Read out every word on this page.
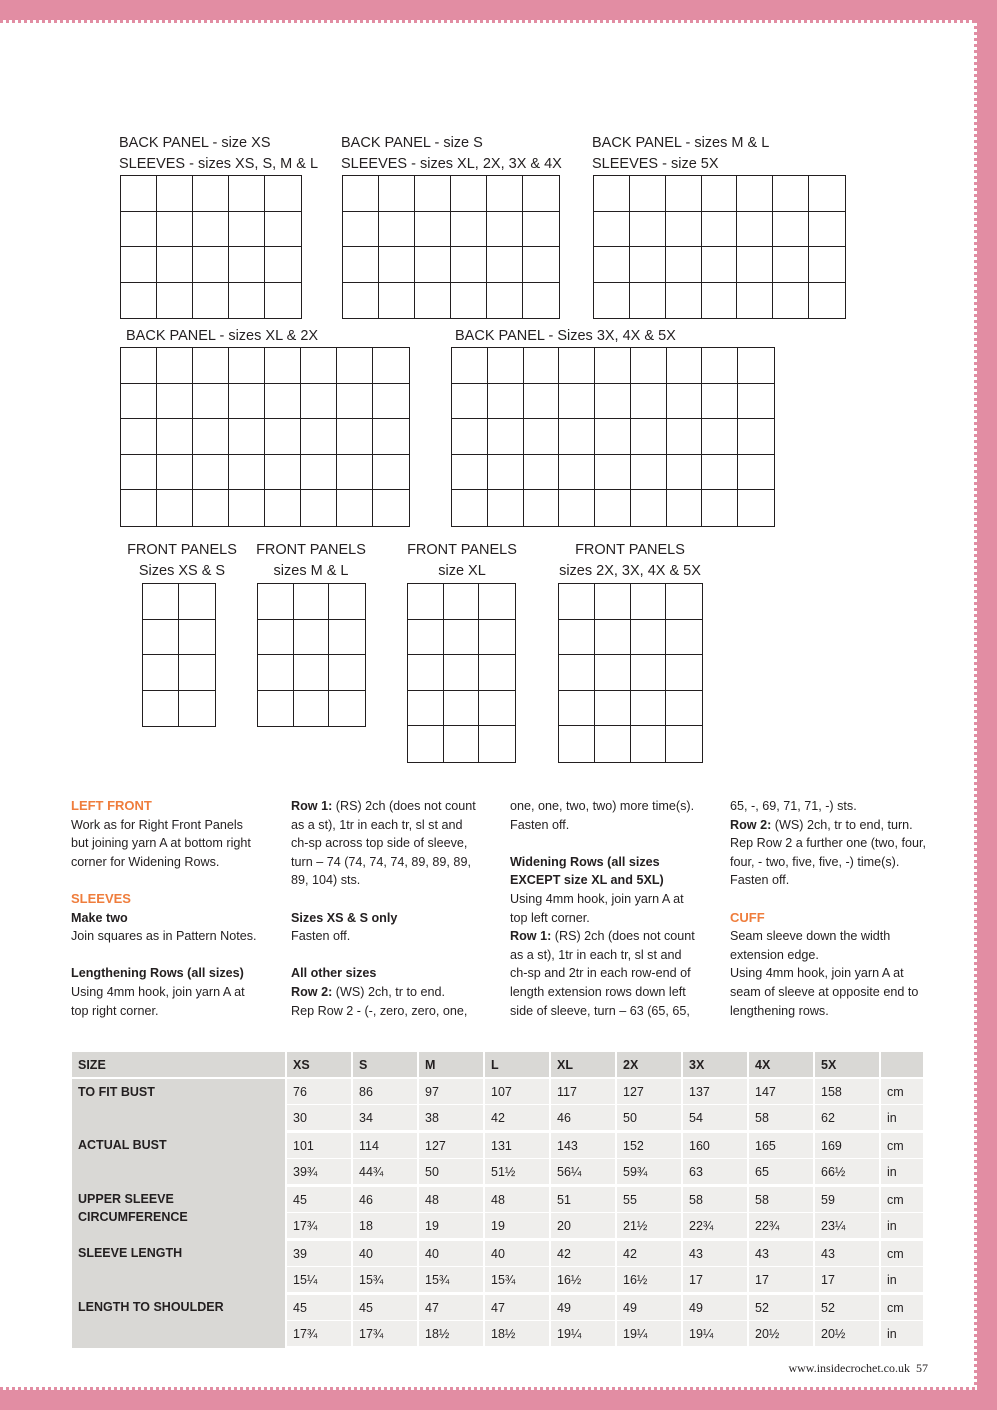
BACK PANEL - size XS
SLEEVES - sizes XS, S, M & L
BACK PANEL - size S
SLEEVES - sizes XL, 2X, 3X & 4X
BACK PANEL - sizes M & L
SLEEVES - size 5X
BACK PANEL - sizes XL & 2X	BACK PANEL - Sizes 3X, 4X & 5X
FRONT PANELS
Sizes XS & S
FRONT PANELS
sizes M & L
FRONT PANELS
size XL
FRONT PANELS
sizes 2X, 3X, 4X & 5X

LEFT FRONT

Work as for Right Front Panels

but joining yarn A at bottom right

corner for Widening Rows.

SLEEVES

Make two

Join squares as in Pattern Notes.

Lengthening Rows (all sizes)

Using 4mm hook, join yarn A at

top right corner.

Row 1: (RS) 2ch (does not count

as a st), 1tr in each tr, sl st and

ch-sp across top side of sleeve,

turn – 74 (74, 74, 74, 89, 89, 89,

89, 104) sts.

Sizes XS & S only

Fasten off.

All other sizes

Row 2: (WS) 2ch, tr to end.

Rep Row 2 - (-, zero, zero, one,

one, one, two, two) more time(s).

Fasten off.

Widening Rows (all sizes

EXCEPT size XL and 5XL)

Using 4mm hook, join yarn A at

top left corner.

Row 1: (RS) 2ch (does not count

as a st), 1tr in each tr, sl st and

ch-sp and 2tr in each row-end of

length extension rows down left

side of sleeve, turn – 63 (65, 65,

65, -, 69, 71, 71, -) sts.

Row 2: (WS) 2ch, tr to end, turn.

Rep Row 2 a further one (two, four,

four, - two, five, five, -) time(s).

Fasten off.

CUFF

Seam sleeve down the width

extension edge.

Using 4mm hook, join yarn A at

seam of sleeve at opposite end to

lengthening rows.

SIZE	XS	S	M	L	XL	2X	3X	4X	5X	
TO FIT BUST	76	86	97	107	117	127	137	147	158	cm
	30	34	38	42	46	50	54	58	62	in
ACTUAL BUST	101	114	127	131	143	152	160	165	169	cm
	39¾	44¾	50	51½	56¼	59¾	63	65	66½	in
UPPER SLEEVE CIRCUMFERENCE	45	46	48	48	51	55	58	58	59	cm
	17¾	18	19	19	20	21½	22¾	22¾	23¼	in
SLEEVE LENGTH	39	40	40	40	42	42	43	43	43	cm
	15¼	15¾	15¾	15¾	16½	16½	17	17	17	in
LENGTH TO SHOULDER	45	45	47	47	49	49	49	52	52	cm
	17¾	17¾	18½	18½	19¼	19¼	19¼	20½	20½	in
www.insidecrochet.co.uk 57
